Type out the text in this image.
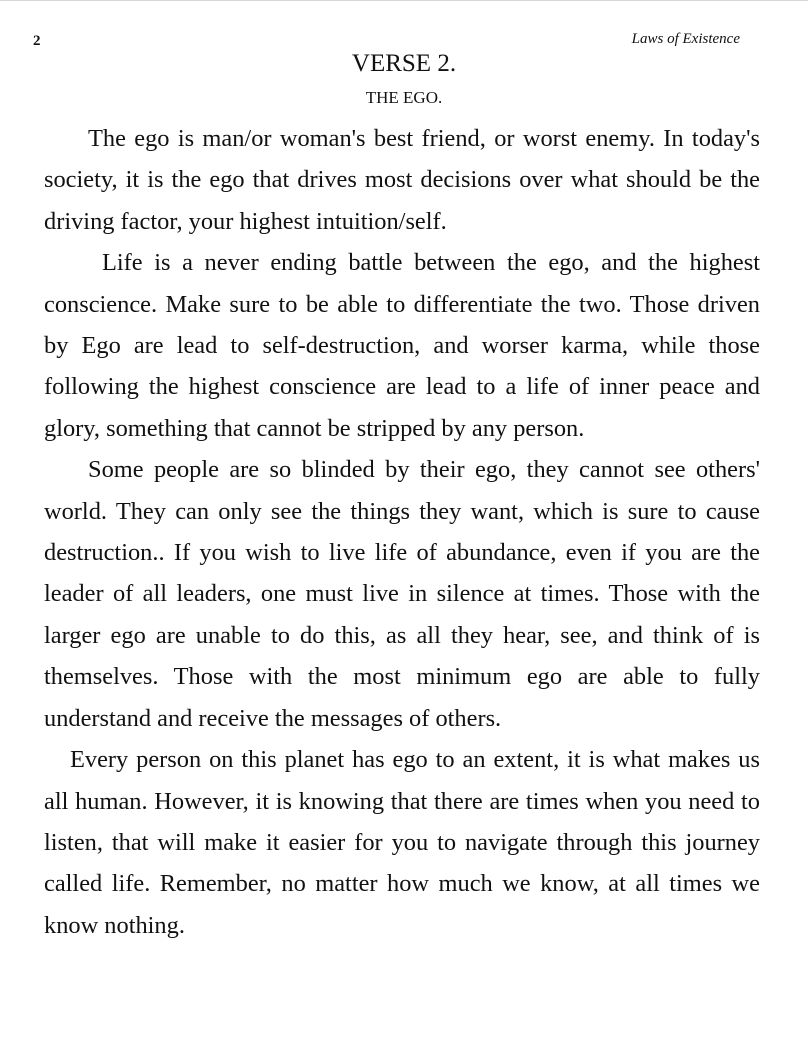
2	Laws of Existence
VERSE 2.
THE EGO.

The ego is man/or woman's best friend, or worst enemy. In today's society, it is the ego that drives most decisions over what should be the driving factor, your highest intuition/self.

Life is a never ending battle between the ego, and the highest conscience. Make sure to be able to differentiate the two. Those driven by Ego are lead to self-destruction, and worser karma, while those following the highest conscience are lead to a life of inner peace and glory, something that cannot be stripped by any person.

Some people are so blinded by their ego, they cannot see others' world. They can only see the things they want, which is sure to cause destruction.. If you wish to live life of abundance, even if you are the leader of all leaders, one must live in silence at times. Those with the larger ego are unable to do this, as all they hear, see, and think of is themselves. Those with the most minimum ego are able to fully understand and receive the messages of others.

Every person on this planet has ego to an extent, it is what makes us all human. However, it is knowing that there are times when you need to listen, that will make it easier for you to navigate through this journey called life. Remember, no matter how much we know, at all times we know nothing.
